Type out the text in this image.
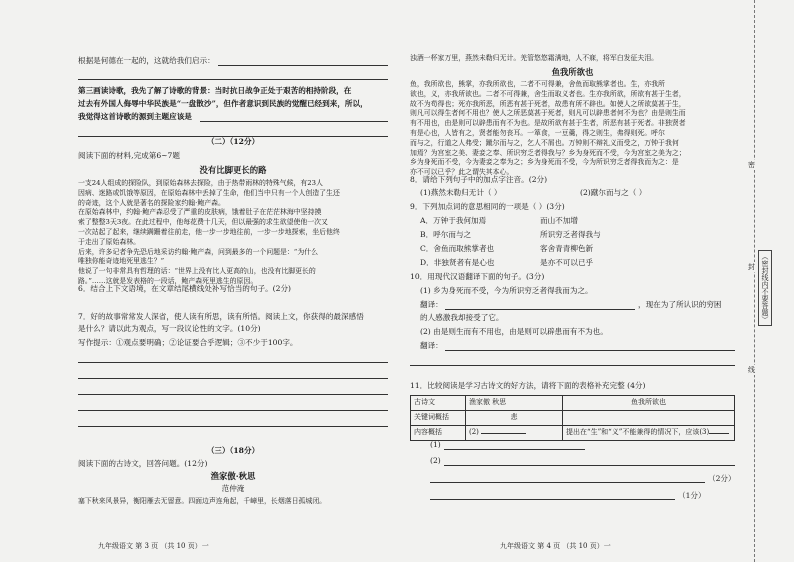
根据是何德在一起的，这就给我们启示：

第三画读诗歌，我先了解了诗歌的背景：当时抗日战争正处于艰苦的相持阶段，在

过去有外国人侮辱中华民族是“一盘散沙”，但作者意识到民族的觉醒已经到来，所以，

我觉得这首诗歌的源到主题应该是

（二）（12分）

阅读下面的材料,完成第6~7题

没有比脚更长的路

一支24人组成的探险队，到原始森林去探险，由于热带雨林的特殊气候，有23人

因病、迷路或饥饿等原因，在原始森林中丢掉了生命，他们当中只有一个人创造了生还

的奇迹，这个人就是著名的探险家约翰·鲍产森。

在原始森林中，约翰·鲍产森忍受了严重的皮肤病，饿着肚子在茫茫林海中坚持摸

索了整整3天3夜。在此过程中，他每花费十几天，但以最强的求生欲望使他一次又

一次站起了起来，继续蹒跚着往前走，他一步一步地往前，一步一步地探索，坐后他终

于走出了原始森林。

后来，许多记者争先恐后地采访约翰·鲍产森，问到最多的一个问题是：“为什么

唯独你能奇迹地死里逃生？”

他说了一句非常具有哲理的话：“世界上没有比人更高的山，也没有比脚更长的

路。”……这就是发表格的一段话，鲍产森死里逃生的原因。

6．结合上下文语境，在文章结尾横线处补写恰当的句子。(2分)

7．好的故事常常发人深省，使人读有所思，读有所悟。阅读上文，你获得的最深感悟

是什么？请以此为观点，写一段议论性的文字。(10分)

写作提示：①观点要明确；②论证要合乎逻辑；③不少于100字。

（三）（18分）

阅读下面的古诗文，回答问题。(12分)

渔家傲·秋思

范仲淹

塞下秋来风景异，衡阳雁去无留意。四面边声连角起，千嶂里，长烟落日孤城闭。

九年级语文 第 3 页 （共 10 页）一

浊酒一杯家万里，燕然未勒归无计。羌管悠悠霜满地，人不寐，将军白发征夫泪。

鱼我所欲也

鱼，我所欲也，熊掌，亦我所欲也，二者不可得兼，舍鱼而取熊掌者也。生，亦我所

欲也，义，亦我所欲也。二者不可得兼，舍生而取义者也。生亦我所欲，所欲有甚于生者，

故不为苟得也；死亦我所恶，所恶有甚于死者，故患有所不辟也。如使人之所欲莫甚于生，

则凡可以得生者何不用也？使人之所恶莫甚于死者，则凡可以辟患者何不为也？由是则生而

有不用也，由是则可以辟患而有不为也。是故所欲有甚于生者，所恶有甚于死者。非独贤者

有是心也，人皆有之，贤者能勿丧耳。一箪食，一豆羹，得之则生，弗得则死。呼尔

而与之，行道之人弗受；蹴尔而与之，乞人不屑也。万钟则不辩礼义而受之，万钟于我何

加焉？为宫室之美、妻妾之奉、所识穷乏者得我与？乡为身死而不受，今为宫室之美为之；

乡为身死而不受，今为妻妾之奉为之；乡为身死而不受，今为所识穷乏者得我而为之：是

亦不可以已乎？此之谓失其本心。

8．请给下列句子中的加点字注音。(2分)

(1)燕然未勒归无计（ ）	(2)蹴尔而与之（ ）

9．下列加点词的意思相同的一项是（ ）(3分)

A．万钟于我何加焉	而山不加增

B．呼尔而与之	所识穷乏者得我与

C．舍鱼而取熊掌者也	客舍青青柳色新

D．非独贤者有是心也	是亦不可以已乎

10．用现代汉语翻译下面的句子。(3分)

(1) 乡为身死而不受，今为所识穷乏者得我而为之。

翻译：	，现在为了所认识的穷困

的人感激我却接受了它。

(2) 由是则生而有不用也，由是则可以辟患而有不为也。

翻译：

11．比较阅读是学习古诗文的好方法，请将下面的表格补充完整 (4分)

古诗文	渔家傲 秋思	鱼我所欲也
关键词概括	悲	
内容概括	(2)	提出在“生”和“义”不能兼得的情况下，应该(3)

(1)

(2)

（2分）

（1分）

九年级语文 第 4 页 （共 10 页）一
密
封
线
（密封线内不要答题）
